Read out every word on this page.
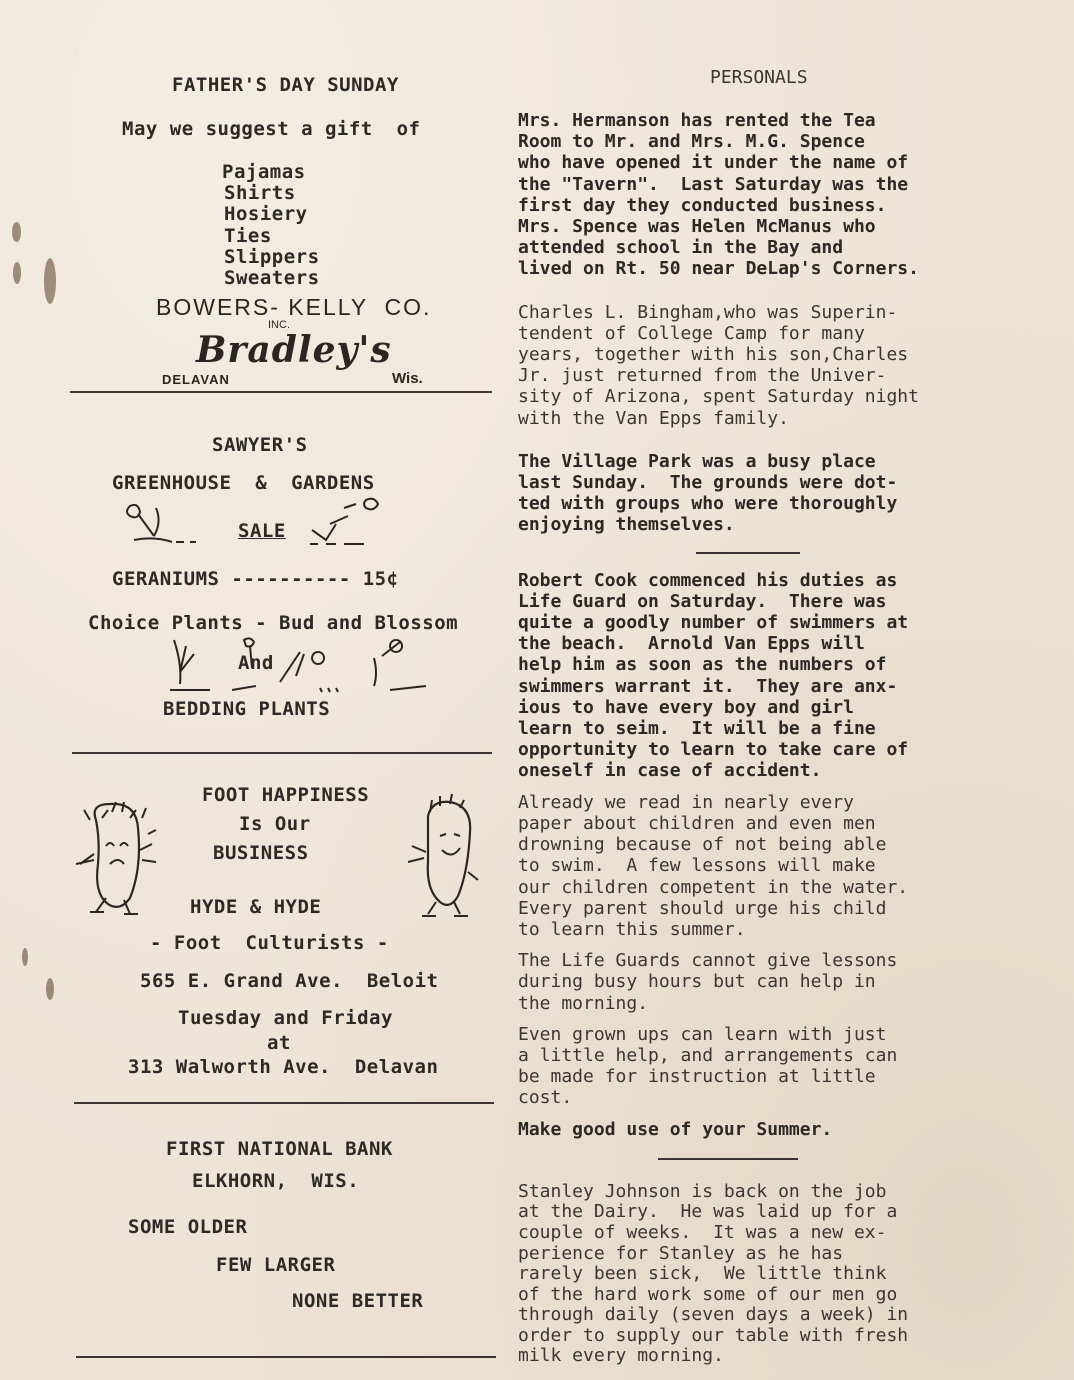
FATHER'S DAY SUNDAY
May we suggest a gift  of
Pajamas
Shirts
Hosiery
Ties
Slippers
Sweaters
BOWERS- KELLY  CO.
INC.
Bradley's
DELAVAN	Wis.
SAWYER'S
GREENHOUSE  &  GARDENS
SALE
GERANIUMS ---------- 15¢
Choice Plants - Bud and Blossom
And
BEDDING PLANTS
FOOT HAPPINESS
Is Our
BUSINESS
HYDE & HYDE
- Foot  Culturists -
565 E. Grand Ave.  Beloit
Tuesday and Friday
at
313 Walworth Ave.  Delavan
FIRST NATIONAL BANK
ELKHORN,  WIS.
SOME OLDER
FEW LARGER
NONE BETTER
PERSONALS

Mrs. Hermanson has rented the Tea
Room to Mr. and Mrs. M.G. Spence
who have opened it under the name of
the "Tavern".  Last Saturday was the
first day they conducted business.
Mrs. Spence was Helen McManus who
attended school in the Bay and
lived on Rt. 50 near DeLap's Corners.

Charles L. Bingham,who was Superin-
tendent of College Camp for many
years, together with his son,Charles
Jr. just returned from the Univer-
sity of Arizona, spent Saturday night
with the Van Epps family.

The Village Park was a busy place
last Sunday.  The grounds were dot-
ted with groups who were thoroughly
enjoying themselves.

Robert Cook commenced his duties as
Life Guard on Saturday.  There was
quite a goodly number of swimmers at
the beach.  Arnold Van Epps will
help him as soon as the numbers of
swimmers warrant it.  They are anx-
ious to have every boy and girl
learn to seim.  It will be a fine
opportunity to learn to take care of
oneself in case of accident.

Already we read in nearly every
paper about children and even men
drowning because of not being able
to swim.  A few lessons will make
our children competent in the water.
Every parent should urge his child
to learn this summer.

The Life Guards cannot give lessons
during busy hours but can help in
the morning.

Even grown ups can learn with just
a little help, and arrangements can
be made for instruction at little
cost.

Make good use of your Summer.

Stanley Johnson is back on the job
at the Dairy.  He was laid up for a
couple of weeks.  It was a new ex-
perience for Stanley as he has
rarely been sick,  We little think
of the hard work some of our men go
through daily (seven days a week) in
order to supply our table with fresh
milk every morning.
